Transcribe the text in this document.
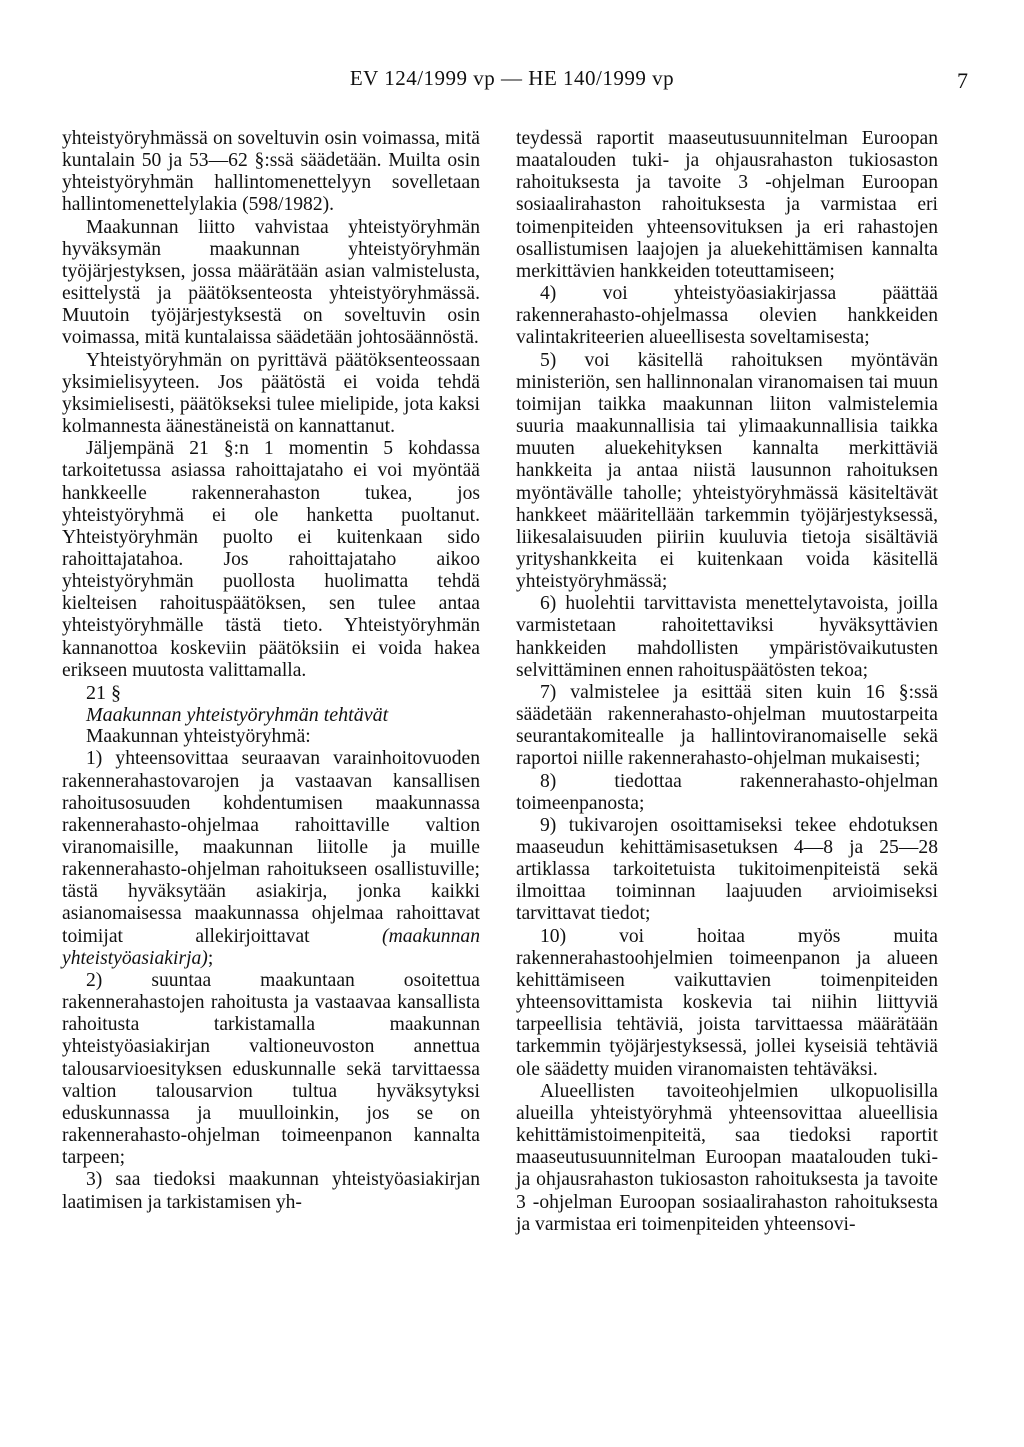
EV 124/1999 vp — HE 140/1999 vp	7

yhteistyöryhmässä on soveltuvin osin voimassa, mitä kuntalain 50 ja 53—62 §:ssä säädetään. Muilta osin yhteistyöryhmän hallintomenettelyyn sovelletaan hallintomenettelylakia (598/1982).

Maakunnan liitto vahvistaa yhteistyöryhmän hyväksymän maakunnan yhteistyöryhmän työjärjestyksen, jossa määrätään asian valmistelusta, esittelystä ja päätöksenteosta yhteistyöryhmässä. Muutoin työjärjestyksestä on soveltuvin osin voimassa, mitä kuntalaissa säädetään johtosäännöstä.

Yhteistyöryhmän on pyrittävä päätöksenteossaan yksimielisyyteen. Jos päätöstä ei voida tehdä yksimielisesti, päätökseksi tulee mielipide, jota kaksi kolmannesta äänestäneistä on kannattanut.

Jäljempänä 21 §:n 1 momentin 5 kohdassa tarkoitetussa asiassa rahoittajataho ei voi myöntää hankkeelle rakennerahaston tukea, jos yhteistyöryhmä ei ole hanketta puoltanut. Yhteistyöryhmän puolto ei kuitenkaan sido rahoittajatahoa. Jos rahoittajataho aikoo yhteistyöryhmän puollosta huolimatta tehdä kielteisen rahoituspäätöksen, sen tulee antaa yhteistyöryhmälle tästä tieto. Yhteistyöryhmän kannanottoa koskeviin päätöksiin ei voida hakea erikseen muutosta valittamalla.

21 §

Maakunnan yhteistyöryhmän tehtävät

Maakunnan yhteistyöryhmä:

1) yhteensovittaa seuraavan varainhoitovuoden rakennerahastovarojen ja vastaavan kansallisen rahoitusosuuden kohdentumisen maakunnassa rakennerahasto-ohjelmaa rahoittaville valtion viranomaisille, maakunnan liitolle ja muille rakennerahasto-ohjelman rahoitukseen osallistuville; tästä hyväksytään asiakirja, jonka kaikki asianomaisessa maakunnassa ohjelmaa rahoittavat toimijat allekirjoittavat (maakunnan yhteistyöasiakirja);

2) suuntaa maakuntaan osoitettua rakennerahastojen rahoitusta ja vastaavaa kansallista rahoitusta tarkistamalla maakunnan yhteistyöasiakirjan valtioneuvoston annettua talousarvioesityksen eduskunnalle sekä tarvittaessa valtion talousarvion tultua hyväksytyksi eduskunnassa ja muulloinkin, jos se on rakennerahasto-ohjelman toimeenpanon kannalta tarpeen;

3) saa tiedoksi maakunnan yhteistyöasiakirjan laatimisen ja tarkistamisen yh-

teydessä raportit maaseutusuunnitelman Euroopan maatalouden tuki- ja ohjausrahaston tukiosaston rahoituksesta ja tavoite 3 -ohjelman Euroopan sosiaalirahaston rahoituksesta ja varmistaa eri toimenpiteiden yhteensovituksen ja eri rahastojen osallistumisen laajojen ja aluekehittämisen kannalta merkittävien hankkeiden toteuttamiseen;

4) voi yhteistyöasiakirjassa päättää rakennerahasto-ohjelmassa olevien hankkeiden valintakriteerien alueellisesta soveltamisesta;

5) voi käsitellä rahoituksen myöntävän ministeriön, sen hallinnonalan viranomaisen tai muun toimijan taikka maakunnan liiton valmistelemia suuria maakunnallisia tai ylimaakunnallisia taikka muuten aluekehityksen kannalta merkittäviä hankkeita ja antaa niistä lausunnon rahoituksen myöntävälle taholle; yhteistyöryhmässä käsiteltävät hankkeet määritellään tarkemmin työjärjestyksessä, liikesalaisuuden piiriin kuuluvia tietoja sisältäviä yrityshankkeita ei kuitenkaan voida käsitellä yhteistyöryhmässä;

6) huolehtii tarvittavista menettelytavoista, joilla varmistetaan rahoitettaviksi hyväksyttävien hankkeiden mahdollisten ympäristövaikutusten selvittäminen ennen rahoituspäätösten tekoa;

7) valmistelee ja esittää siten kuin 16 §:ssä säädetään rakennerahasto-ohjelman muutostarpeita seurantakomitealle ja hallintoviranomaiselle sekä raportoi niille rakennerahasto-ohjelman mukaisesti;

8) tiedottaa rakennerahasto-ohjelman toimeenpanosta;

9) tukivarojen osoittamiseksi tekee ehdotuksen maaseudun kehittämisasetuksen 4—8 ja 25—28 artiklassa tarkoitetuista tukitoimenpiteistä sekä ilmoittaa toiminnan laajuuden arvioimiseksi tarvittavat tiedot;

10) voi hoitaa myös muita rakennerahastoohjelmien toimeenpanon ja alueen kehittämiseen vaikuttavien toimenpiteiden yhteensovittamista koskevia tai niihin liittyviä tarpeellisia tehtäviä, joista tarvittaessa määrätään tarkemmin työjärjestyksessä, jollei kyseisiä tehtäviä ole säädetty muiden viranomaisten tehtäväksi.

Alueellisten tavoiteohjelmien ulkopuolisilla alueilla yhteistyöryhmä yhteensovittaa alueellisia kehittämistoimenpiteitä, saa tiedoksi raportit maaseutusuunnitelman Euroopan maatalouden tuki- ja ohjausrahaston tukiosaston rahoituksesta ja tavoite 3 -ohjelman Euroopan sosiaalirahaston rahoituksesta ja varmistaa eri toimenpiteiden yhteensovi-
